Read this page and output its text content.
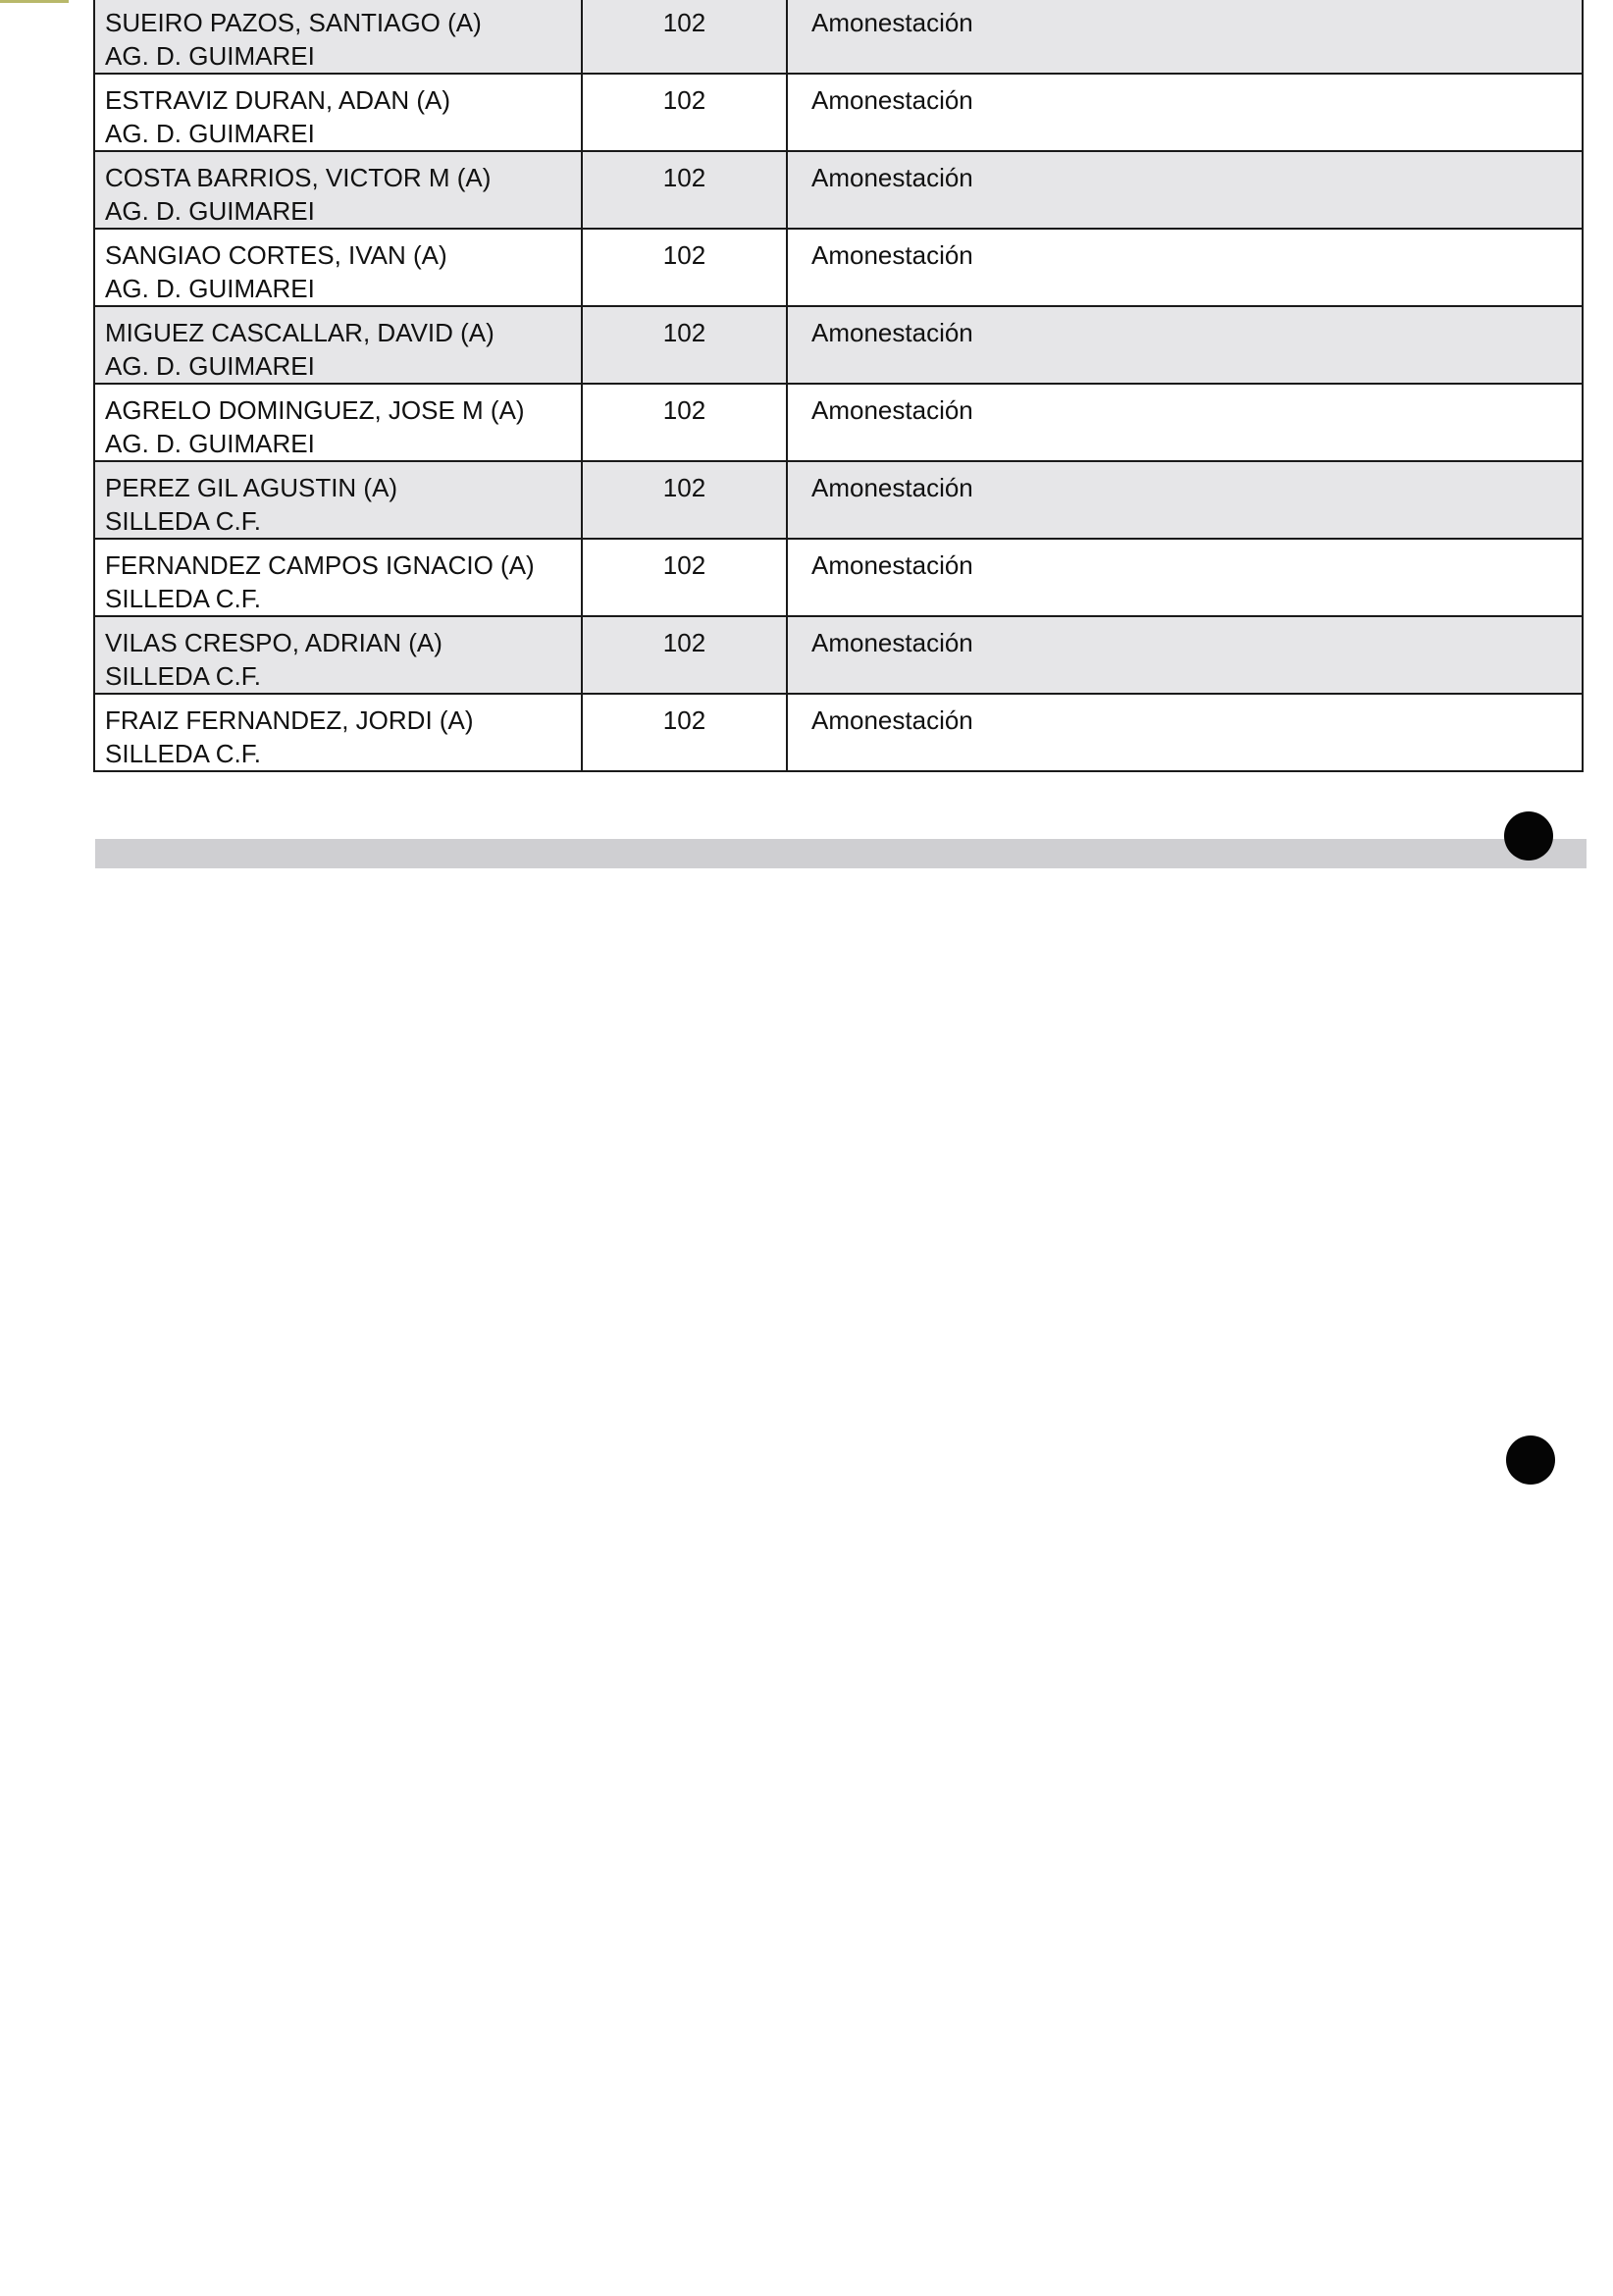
SUEIRO PAZOS, SANTIAGO (A)
AG. D. GUIMAREI	102	Amonestación

ESTRAVIZ DURAN, ADAN (A)
AG. D. GUIMAREI	102	Amonestación

COSTA BARRIOS, VICTOR M (A)
AG. D. GUIMAREI	102	Amonestación

SANGIAO CORTES, IVAN (A)
AG. D. GUIMAREI	102	Amonestación

MIGUEZ CASCALLAR, DAVID (A)
AG. D. GUIMAREI	102	Amonestación

AGRELO DOMINGUEZ, JOSE M (A)
AG. D. GUIMAREI	102	Amonestación

PEREZ GIL AGUSTIN (A)
SILLEDA C.F.	102	Amonestación

FERNANDEZ CAMPOS IGNACIO (A)
SILLEDA C.F.	102	Amonestación

VILAS CRESPO, ADRIAN (A)
SILLEDA C.F.	102	Amonestación

FRAIZ FERNANDEZ, JORDI (A)
SILLEDA C.F.	102	Amonestación
